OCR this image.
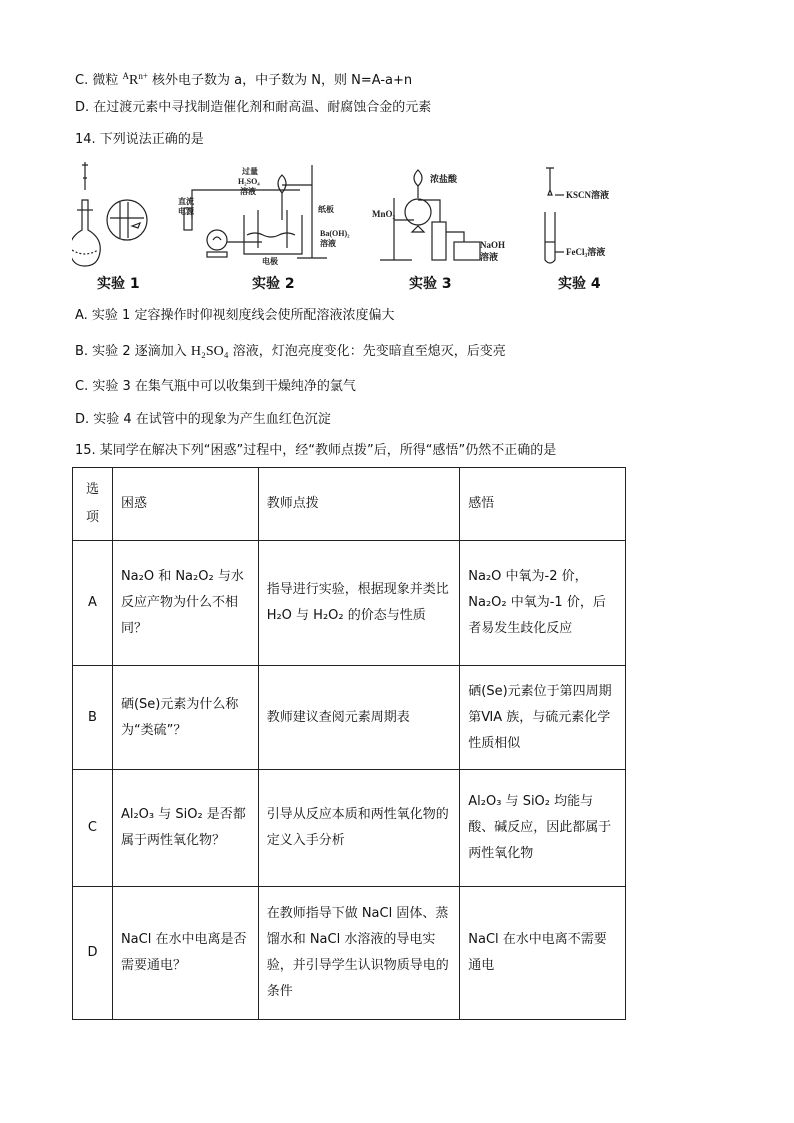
C. 微粒 $^AR^{n+}$ 核外电子数为 a，中子数为 N，则 N=A-a+n
D. 在过渡元素中寻找制造催化剂和耐高温、耐腐蚀合金的元素
14. 下列说法正确的是
直流
电源
过量
H₂SO₄
溶液
纸板
Ba(OH)₂
溶液
电极
浓盐酸
MnO₂
NaOH
溶液
KSCN溶液
FeCl₃溶液
实验 1	实验 2	实验 3	实验 4
A. 实验 1 定容操作时仰视刻度线会使所配溶液浓度偏大
B. 实验 2 逐滴加入 H₂SO₄ 溶液，灯泡亮度变化：先变暗直至熄灭，后变亮
C. 实验 3 在集气瓶中可以收集到干燥纯净的氯气
D. 实验 4 在试管中的现象为产生血红色沉淀
15. 某同学在解决下列“困惑”过程中，经“教师点拨”后，所得“感悟”仍然不正确的是
选项	困惑	教师点拨	感悟
A	Na₂O 和 Na₂O₂ 与水反应产物为什么不相同？	指导进行实验，根据现象并类比 H₂O 与 H₂O₂ 的价态与性质	Na₂O 中氧为-2 价，Na₂O₂ 中氧为-1 价，后者易发生歧化反应
B	硒(Se)元素为什么称为“类硫”？	教师建议查阅元素周期表	硒(Se)元素位于第四周期第ⅥA 族，与硫元素化学性质相似
C	Al₂O₃ 与 SiO₂ 是否都属于两性氧化物？	引导从反应本质和两性氧化物的定义入手分析	Al₂O₃ 与 SiO₂ 均能与酸、碱反应，因此都属于两性氧化物
D	NaCl 在水中电离是否需要通电？	在教师指导下做 NaCl 固体、蒸馏水和 NaCl 水溶液的导电实验，并引导学生认识物质导电的条件	NaCl 在水中电离不需要通电
